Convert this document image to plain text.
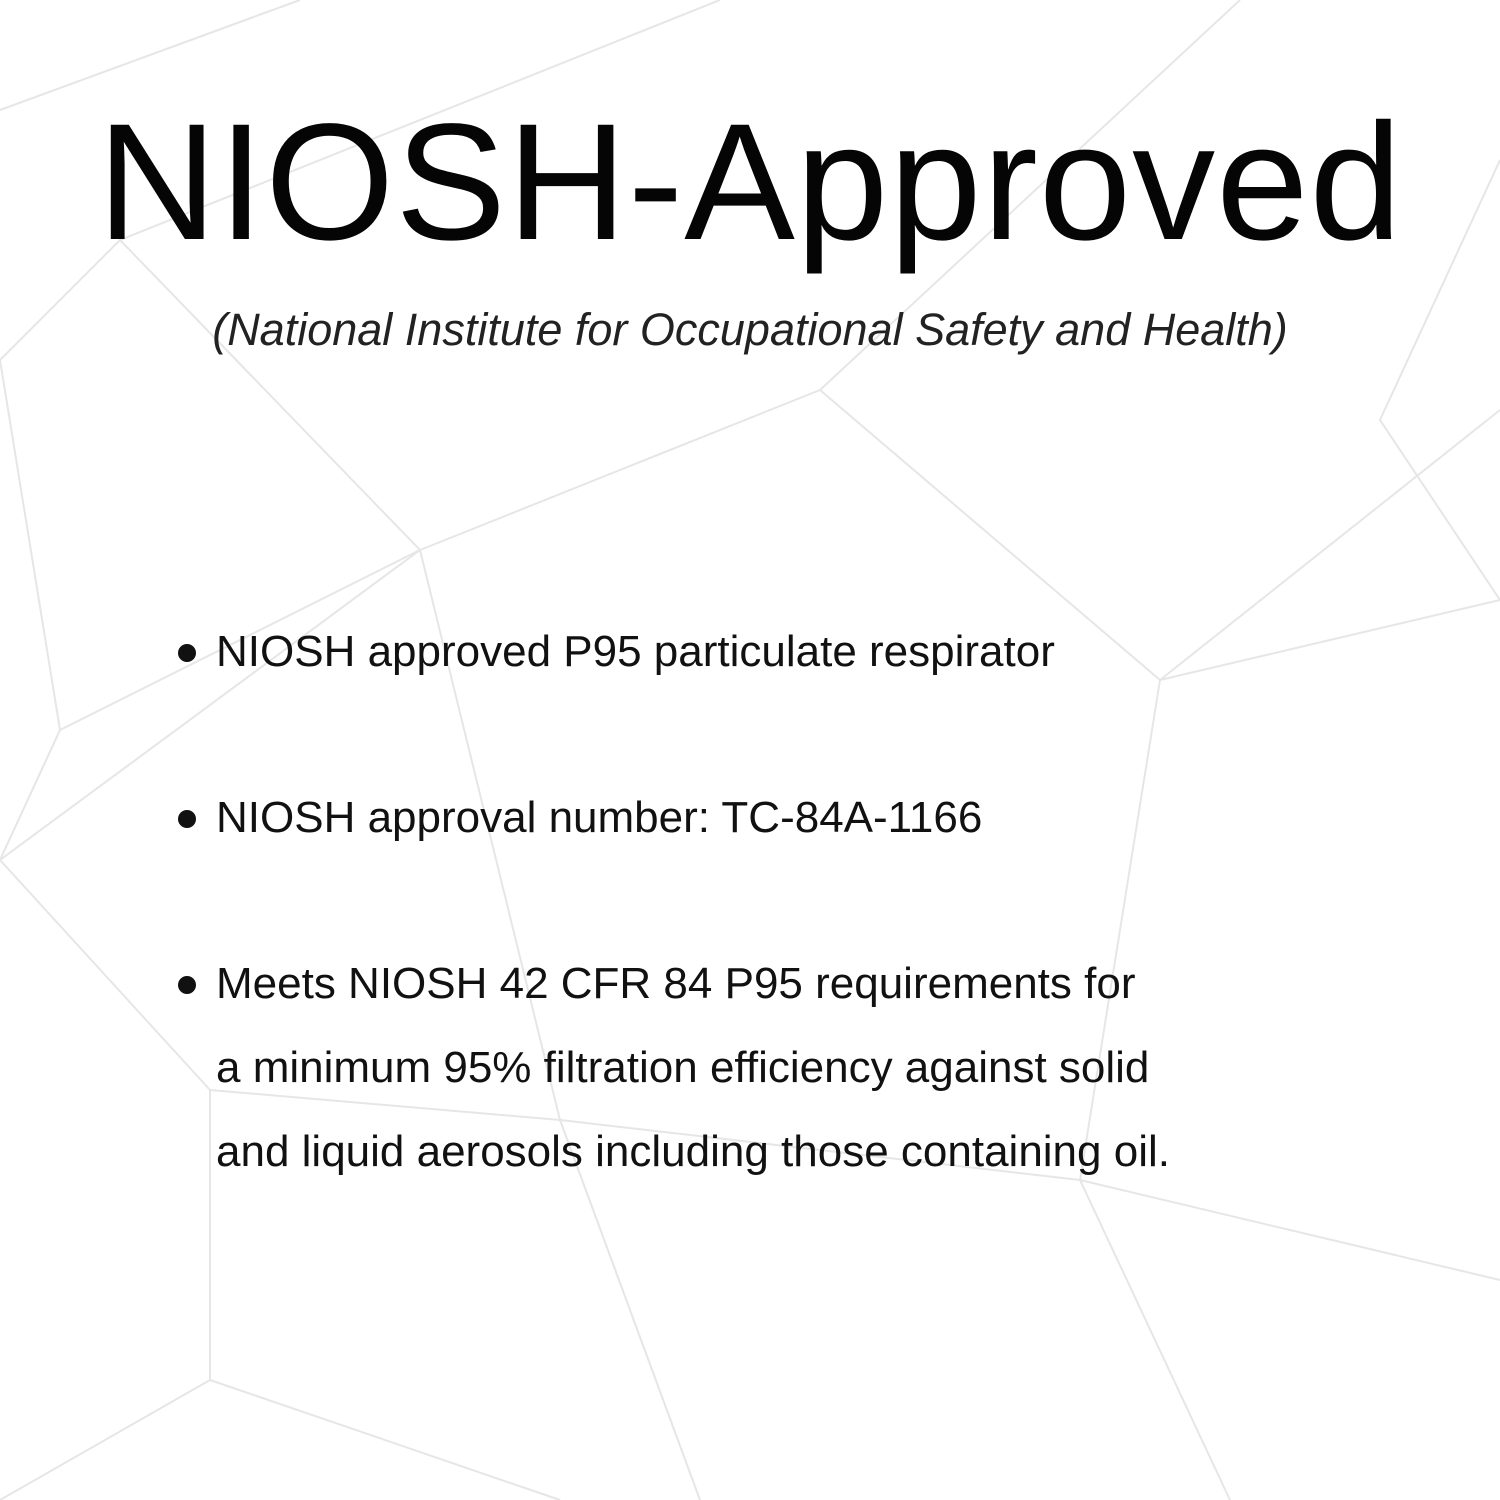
NIOSH-Approved
(National Institute for Occupational Safety and Health)
NIOSH approved P95 particulate respirator
NIOSH approval number: TC-84A-1166
Meets NIOSH 42 CFR 84 P95 requirements for
a minimum 95% filtration efficiency against solid
and liquid aerosols including those containing oil.
